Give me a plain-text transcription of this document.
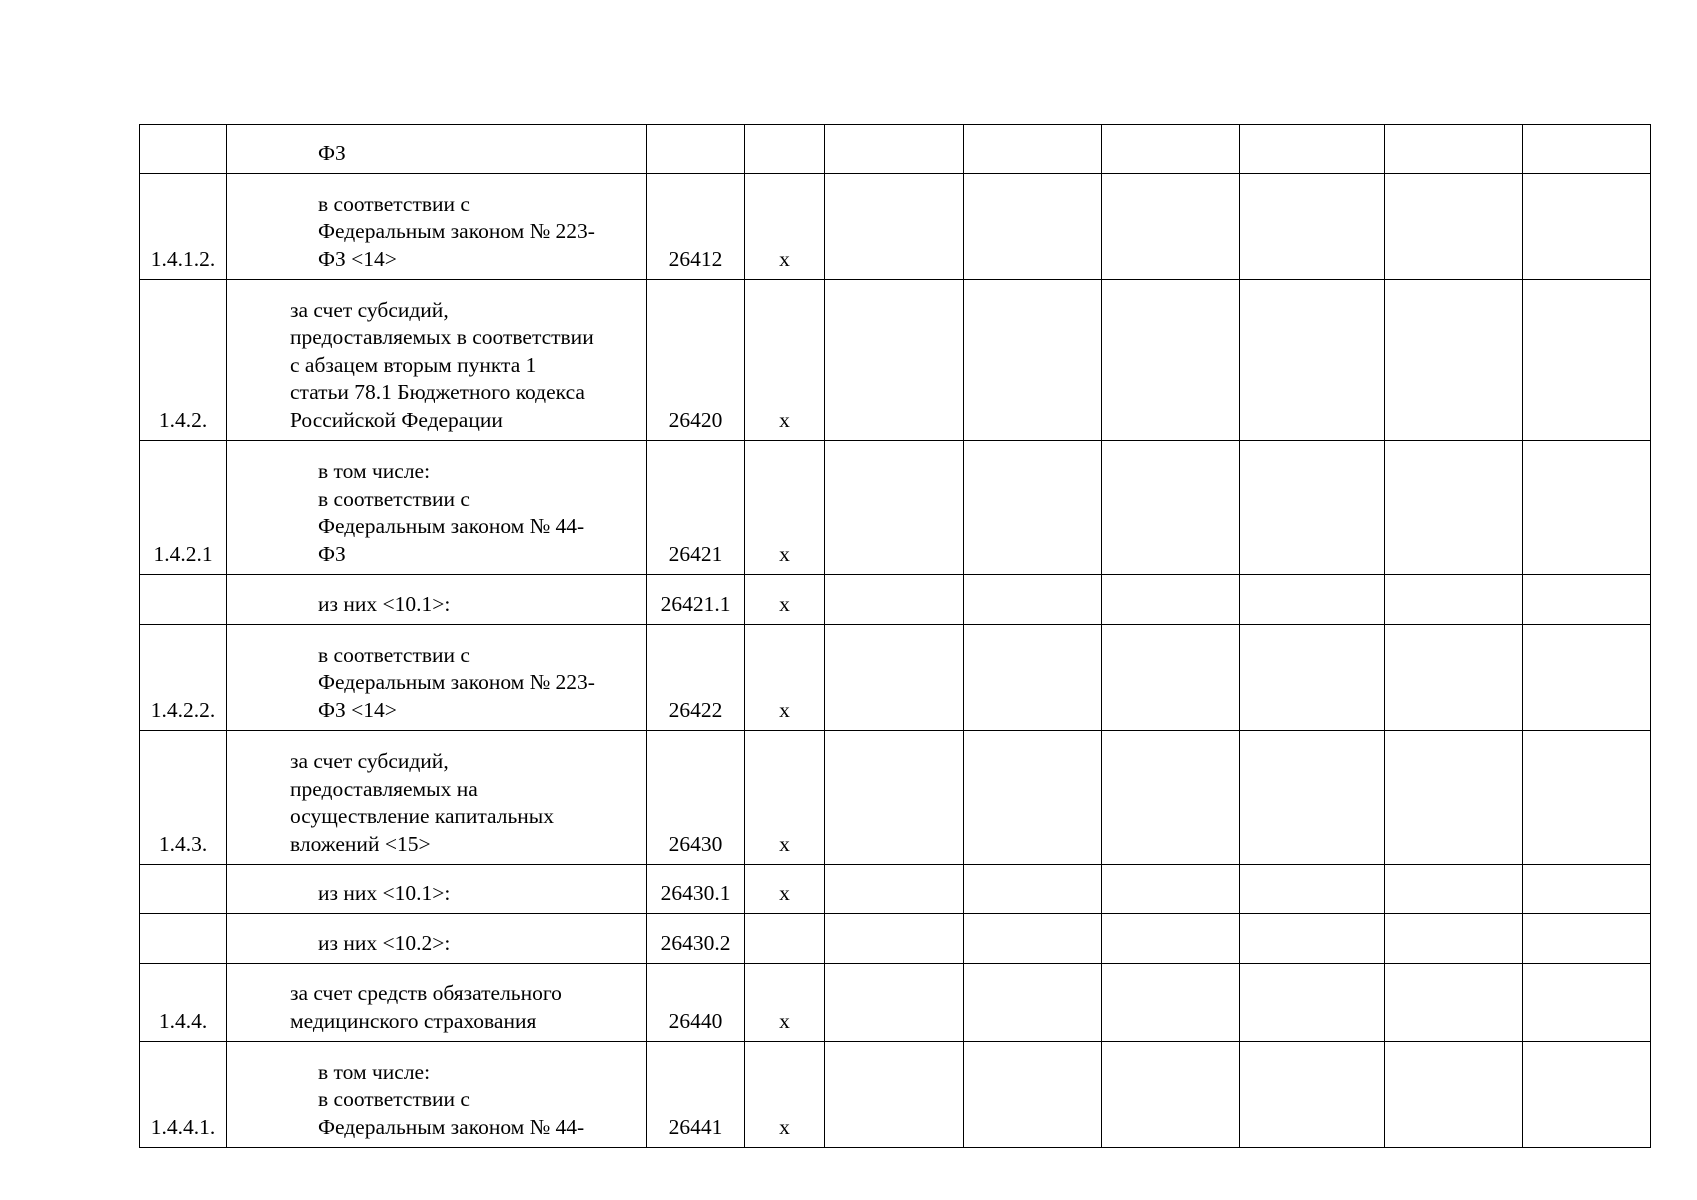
	ФЗ								

1.4.1.2.	в соответствии с
Федеральным законом № 223-
ФЗ <14>	26412	x						
1.4.2.	за счет субсидий,
предоставляемых в соответствии
с абзацем вторым пункта 1
статьи 78.1 Бюджетного кодекса
Российской Федерации	26420	x						
1.4.2.1	в том числе:
в соответствии с
Федеральным законом № 44-
ФЗ	26421	x						

	из них <10.1>:	26421.1	x						
1.4.2.2.	в соответствии с
Федеральным законом № 223-
ФЗ <14>	26422	x						
1.4.3.	за счет субсидий,
предоставляемых на
осуществление капитальных
вложений <15>	26430	x						

	из них <10.1>:	26430.1	x						

	из них <10.2>:	26430.2							
1.4.4.	за счет средств обязательного
медицинского страхования	26440	x						
1.4.4.1.	в том числе:
в соответствии с
Федеральным законом № 44-	26441	x						
